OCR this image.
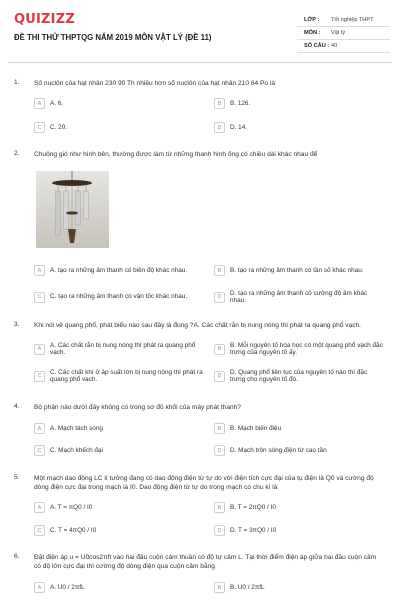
QUIZIZZ
ĐỀ THI THỬ THPTQG NĂM 2019 MÔN VẬT LÝ (ĐỀ 11)
LỚP :	Tốt nghiệp THPT
MÔN :	Vật lý
SỐ CÂU : 40
1. Số nuclôn của hạt nhân 230 90 Th nhiều hơn số nuclôn của hạt nhân 210 84 Po là
A	A. 6.	B	B. 126.
C	C. 20.	D	D. 14.
2. Chuông gió như hình bên, thường được làm từ những thanh hình ống có chiều dài khác nhau để
A	A. tạo ra những âm thanh có biên độ khác nhau.	B	B. tạo ra những âm thanh có tần số khác nhau.
C	C. tạo ra những âm thanh có vận tốc khác nhau.	D
D. tạo ra những âm thanh có cường độ âm khác nhau.
3. Khi nói về quang phổ, phát biểu nào sau đây là đúng ?A. Các chất rắn bị nung nóng thì phát ra quang phổ vạch.
A
A. Các chất rắn bị nung nóng thì phát ra quang phổ vạch.	B
B. Mỗi nguyên tố hóa học có một quang phổ vạch đặc trưng của nguyên tố ấy.
C
C. Các chất khí ở áp suất lớn bị nung nóng thì phát ra quang phổ vạch.	D
D. Quang phổ liên tục của nguyên tố nào thì đặc trưng cho nguyên tố đó.
4. Bộ phận nào dưới đây không có trong sơ đồ khối của máy phát thanh?
A	A. Mạch tách sóng	B	B. Mạch biến điệu
C	C. Mạch khếch đại	D	D. Mạch trộn sóng điện từ cao tần
5. Một mạch dao động LC lí tưởng đang có dao động điện từ tự do với điện tích cực đại của tụ điện là Q0 và cường độ dòng điện cực đại trong mạch là I0. Dao động điện từ tự do trong mạch có chu kì là
A	A. T = πQ0 / I0	B	B. T = 2πQ0 / I0
C	C. T = 4πQ0 / I0	D	D. T = 3πQ0 / I0
6. Đặt điện áp u = U0cos2πft vào hai đầu cuộn cảm thuần có độ tự cảm L. Tại thời điểm điện áp giữa hai đầu cuộn cảm có độ lớn cực đại thì cường độ dòng điện qua cuộn cảm bằng
A	A. U0 / 2πfL	B	B. U0 / 2πfL
